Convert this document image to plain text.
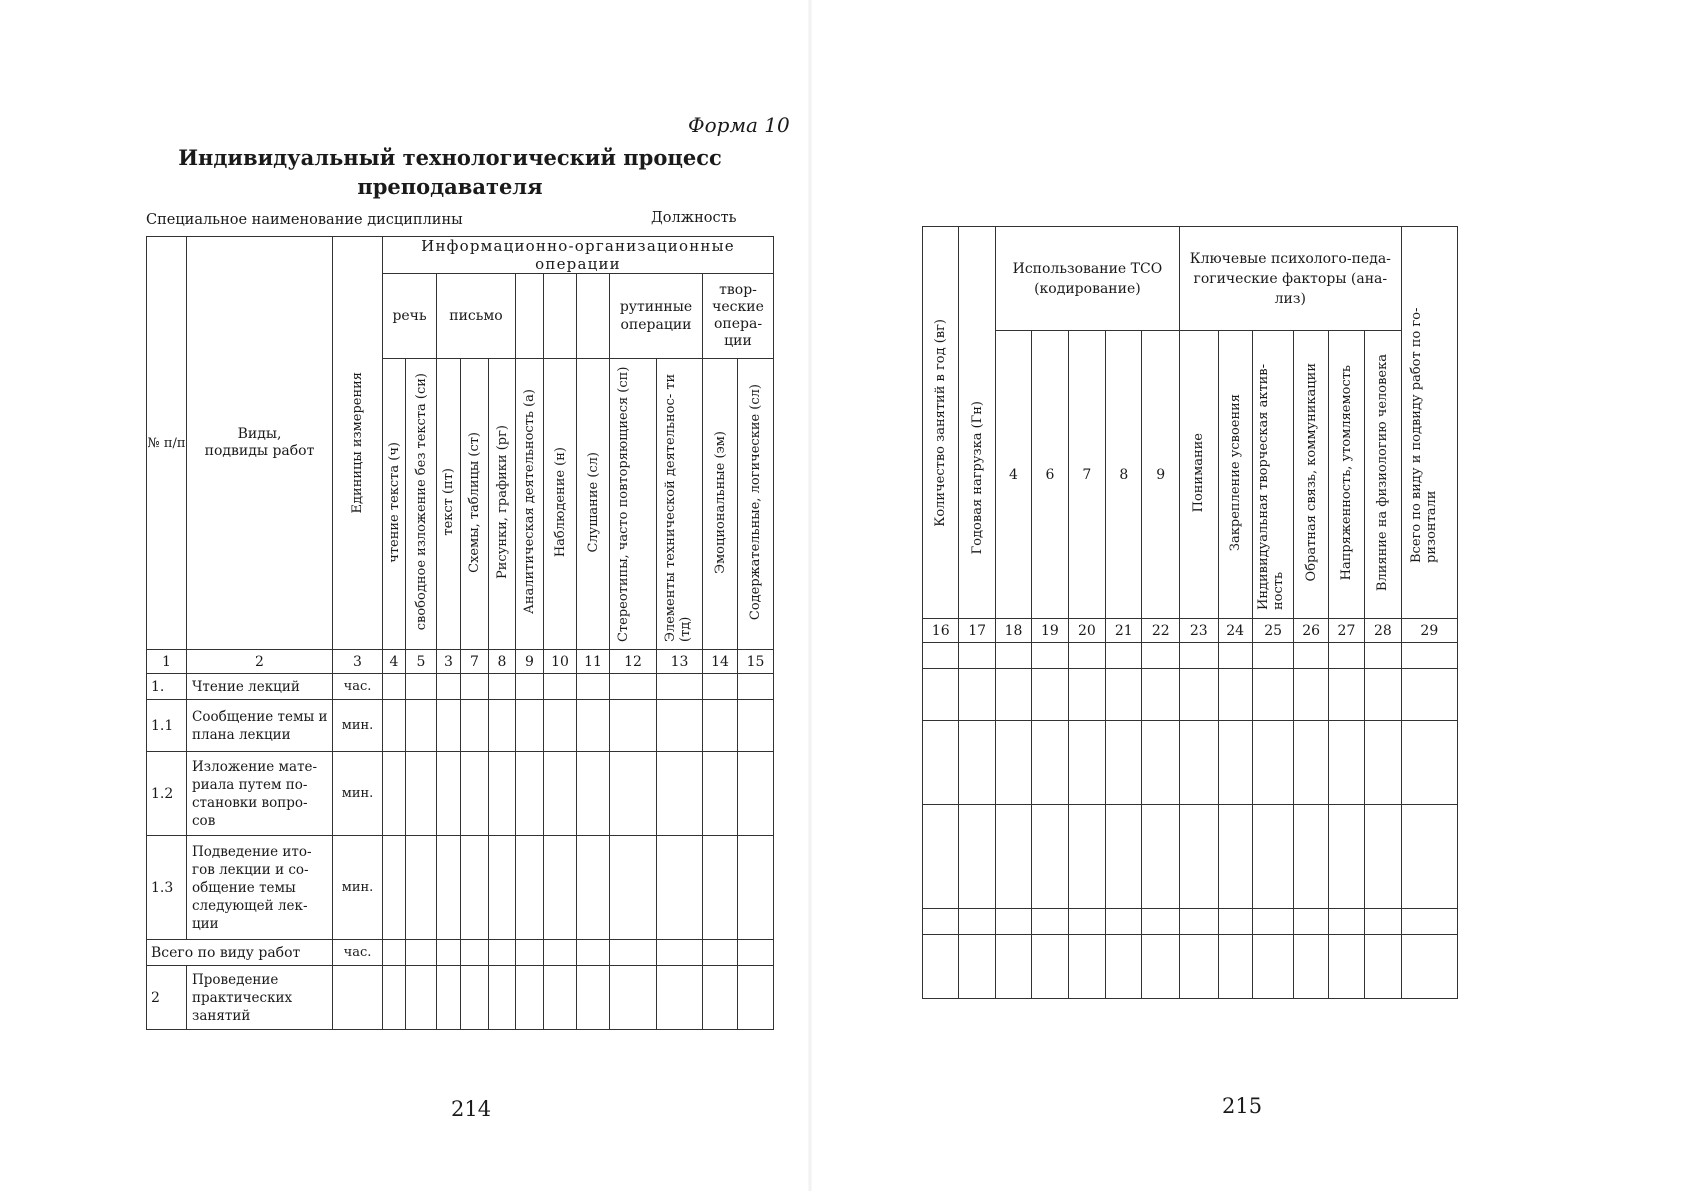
Форма 10
Индивидуальный технологический процесс
преподавателя
Специальное наименование дисциплины	Должность
№ п/п	Виды, подвиды работ	Единицы измерения	Информационно-организационные операции											
			речь		письмо						рутинные операции		твор- ческие опера- ции	

			чтение текста (ч)	свободное изложение без текста (си)	текст (пт)	Схемы, таблицы (ст)	Рисунки, графики (рг)	Аналитическая деятельность (а)	Наблюдение (н)	Слушание (сл)	Стереотипы, часто повторяющиеся (сп)	Элементы технической деятельнос- ти (тд)	Эмоциональные (эм)	Содержательные, логические (сл)

1	2	3	4	5	3	7	8	9	10	11	12	13	14	15
1.	Чтение лекций	час.												
1.1	Сообщение темы и плана лекции	мин.												
1.2	Изложение мате- риала путем по- становки вопро- сов	мин.												
1.3	Подведение ито- гов лекции и со- общение темы следующей лек- ции	мин.												
Всего по виду работ		час.												
2	Проведение практических занятий													
214
Количество занятий в год (вг)	Годовая нагрузка (Гн)	Использование ТСО (кодирование)					Ключевые психолого-педа- гогические факторы (ана- лиз)						Всего по виду и подвиду работ по го- ризонтали

		4	6	7	8	9	Понимание	Закрепление усвоения	Индивидуальная творческая актив- ность	Обратная связь, коммуникации	Напряженность, утомляемость	Влияние на физиологию человека	

16	17	18	19	20	21	22	23	24	25	26	27	28	29

215
